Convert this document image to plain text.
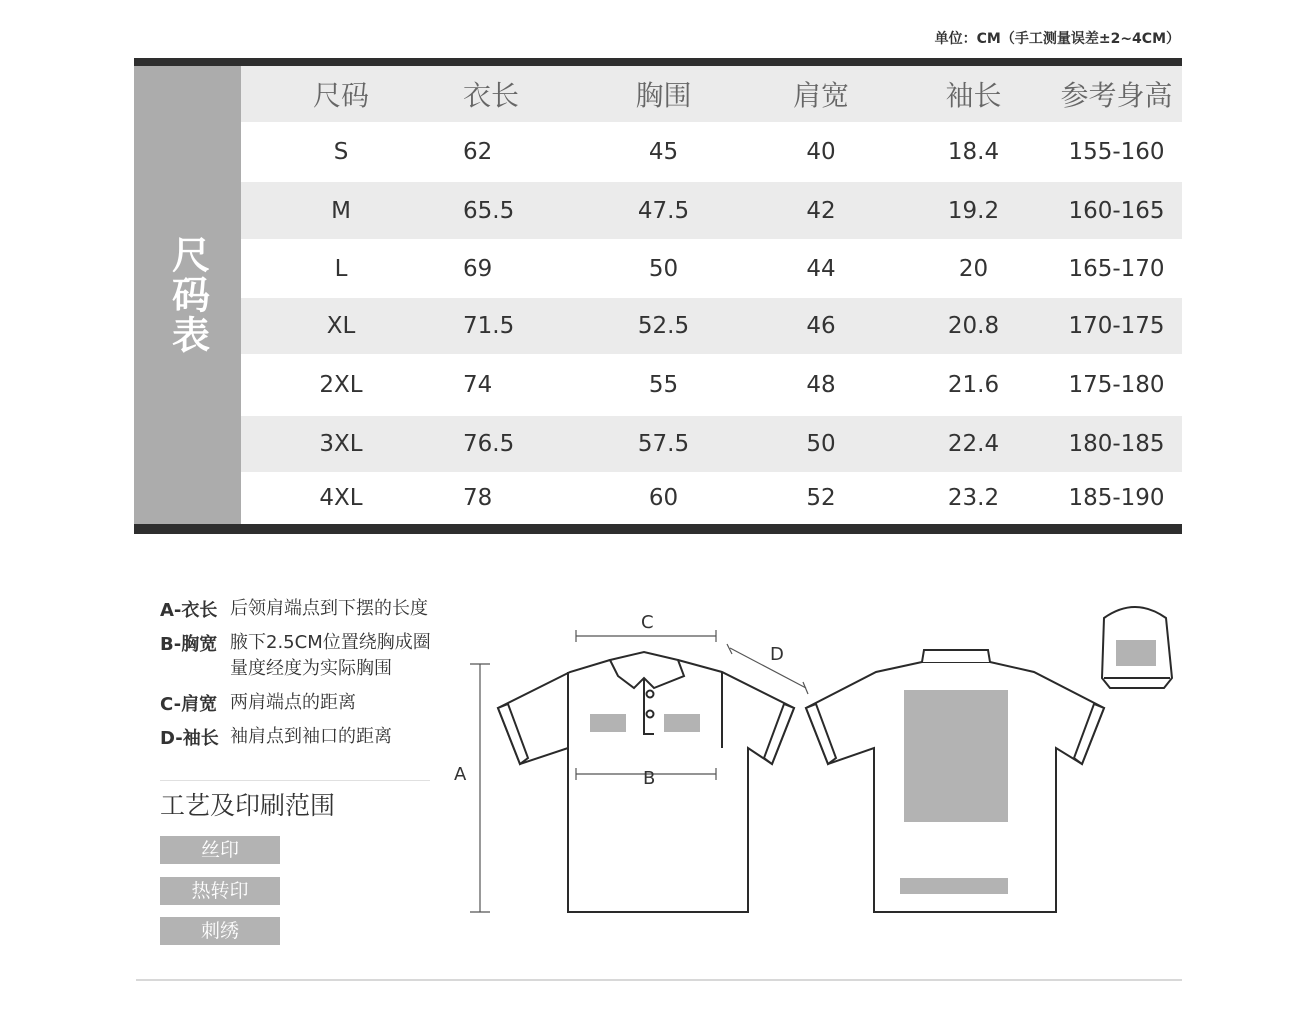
单位：CM（手工测量误差±2~4CM）
尺码表
尺码	衣长	胸围	肩宽	袖长	参考身高
S	62	45	40	18.4	155-160
M	65.5	47.5	42	19.2	160-165
L	69	50	44	20	165-170
XL	71.5	52.5	46	20.8	170-175
2XL	74	55	48	21.6	175-180
3XL	76.5	57.5	50	22.4	180-185
4XL	78	60	52	23.2	185-190
A-衣长 后领肩端点到下摆的长度
B-胸宽 腋下2.5CM位置绕胸成圈量度经度为实际胸围
C-肩宽 两肩端点的距离
D-袖长 袖肩点到袖口的距离
工艺及印刷范围
丝印
热转印
刺绣
A	B
C
D
